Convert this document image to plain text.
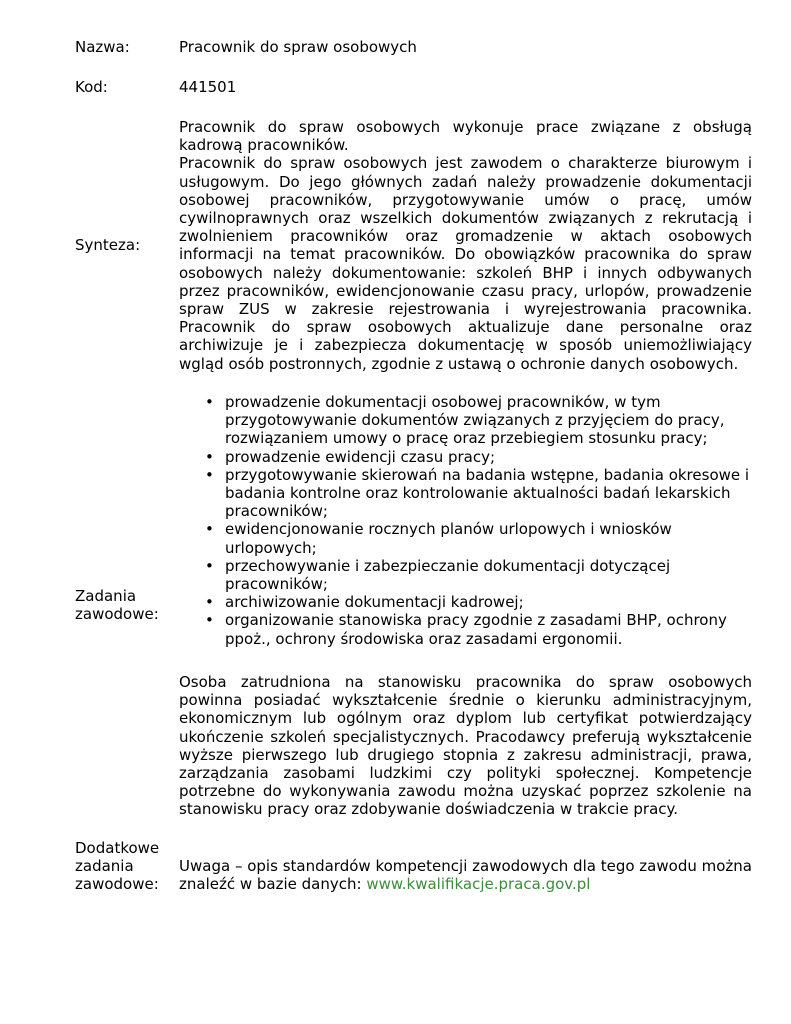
Nazwa:	Pracownik do spraw osobowych
Kod:	441501
Synteza:

Pracownik do spraw osobowych wykonuje prace związane z obsługą kadrową pracowników.

Pracownik do spraw osobowych jest zawodem o charakterze biurowym i usługowym. Do jego głównych zadań należy prowadzenie dokumentacji osobowej pracowników, przygotowywanie umów o pracę, umów cywilnoprawnych oraz wszelkich dokumentów związanych z rekrutacją i zwolnieniem pracowników oraz gromadzenie w aktach osobowych informacji na temat pracowników. Do obowiązków pracownika do spraw osobowych należy dokumentowanie: szkoleń BHP i innych odbywanych przez pracowników, ewidencjonowanie czasu pracy, urlopów, prowadzenie spraw ZUS w zakresie rejestrowania i wyrejestrowania pracownika. Pracownik do spraw osobowych aktualizuje dane personalne oraz archiwizuje je i zabezpiecza dokumentację w sposób uniemożliwiający wgląd osób postronnych, zgodnie z ustawą o ochronie danych osobowych.

Zadania
zawodowe:
• prowadzenie dokumentacji osobowej pracowników, w tym przygotowywanie dokumentów związanych z przyjęciem do pracy, rozwiązaniem umowy o pracę oraz przebiegiem stosunku pracy;
• prowadzenie ewidencji czasu pracy;
• przygotowywanie skierowań na badania wstępne, badania okresowe i badania kontrolne oraz kontrolowanie aktualności badań lekarskich pracowników;
• ewidencjonowanie rocznych planów urlopowych i wniosków urlopowych;
• przechowywanie i zabezpieczanie dokumentacji dotyczącej pracowników;
• archiwizowanie dokumentacji kadrowej;
• organizowanie stanowiska pracy zgodnie z zasadami BHP, ochrony ppoż., ochrony środowiska oraz zasadami ergonomii.
Dodatkowe
zadania
zawodowe:

Osoba zatrudniona na stanowisku pracownika do spraw osobowych powinna posiadać wykształcenie średnie o kierunku administracyjnym, ekonomicznym lub ogólnym oraz dyplom lub certyfikat potwierdzający ukończenie szkoleń specjalistycznych. Pracodawcy preferują wykształcenie wyższe pierwszego lub drugiego stopnia z zakresu administracji, prawa, zarządzania zasobami ludzkimi czy polityki społecznej. Kompetencje potrzebne do wykonywania zawodu można uzyskać poprzez szkolenie na stanowisku pracy oraz zdobywanie doświadczenia w trakcie pracy.

Uwaga – opis standardów kompetencji zawodowych dla tego zawodu można znaleźć w bazie danych: www.kwalifikacje.praca.gov.pl
